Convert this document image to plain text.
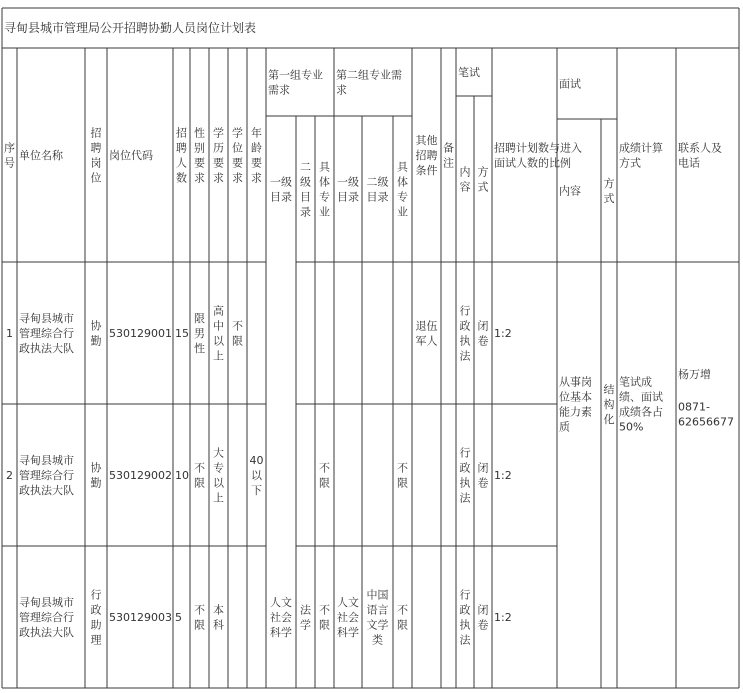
寻甸县城市管理局公开招聘协勤人员岗位计划表
序号
单位名称
招聘岗位
岗位代码
招聘人数
性别要求
学历要求
学位要求
年龄要求
第一组专业需求
第二组专业需求
一级目录
二级目录
具体专业
一级目录
二级目录
具体专业
其他招聘条件
备注
笔试
内容
方式
招聘计划数与进入面试人数的比例
面试
内容
方式
成绩计算方式
联系人及电话
1
寻甸县城市管理综合行政执法大队
协勤
530129001 15
限男性
高中以上
不限
退伍军人
行政执法
闭卷
1:2
2
寻甸县城市管理综合行政执法大队
协勤
530129002 10
不限
大专以上
不限
不限
行政执法
闭卷
1:2
寻甸县城市管理综合行政执法大队
行政助理
530129003 5
不限
本科
人文社会科学
法学
不限
人文社会科学
中国语言文学类
不限
行政执法
闭卷
1:2
40 以下
从事岗位基本能力素质
结构化
笔试成绩、面试成绩各占 50%
杨万增
0871-62656677
